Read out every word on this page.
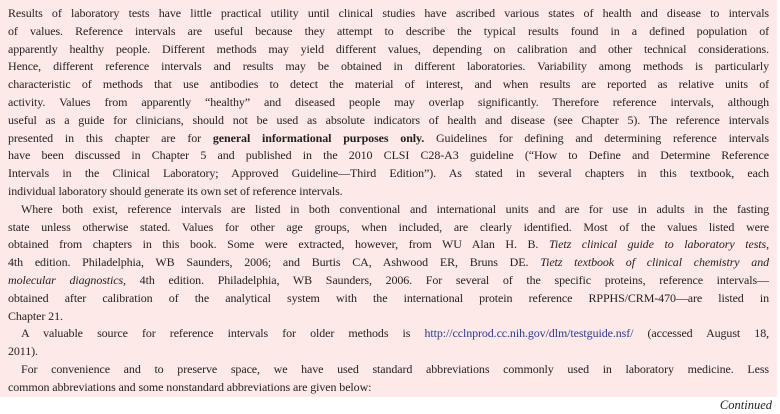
Results of laboratory tests have little practical utility until clinical studies have ascribed various states of health and disease to intervals
of values. Reference intervals are useful because they attempt to describe the typical results found in a defined population of
apparently healthy people. Different methods may yield different values, depending on calibration and other technical considerations.
Hence, different reference intervals and results may be obtained in different laboratories. Variability among methods is particularly
characteristic of methods that use antibodies to detect the material of interest, and when results are reported as relative units of
activity. Values from apparently “healthy” and diseased people may overlap significantly. Therefore reference intervals, although
useful as a guide for clinicians, should not be used as absolute indicators of health and disease (see Chapter 5). The reference intervals
presented in this chapter are for general informational purposes only. Guidelines for defining and determining reference intervals
have been discussed in Chapter 5 and published in the 2010 CLSI C28-A3 guideline (“How to Define and Determine Reference
Intervals in the Clinical Laboratory; Approved Guideline—Third Edition”). As stated in several chapters in this textbook, each
individual laboratory should generate its own set of reference intervals.
Where both exist, reference intervals are listed in both conventional and international units and are for use in adults in the fasting
state unless otherwise stated. Values for other age groups, when included, are clearly identified. Most of the values listed were
obtained from chapters in this book. Some were extracted, however, from WU Alan H. B. Tietz clinical guide to laboratory tests,
4th edition. Philadelphia, WB Saunders, 2006; and Burtis CA, Ashwood ER, Bruns DE. Tietz textbook of clinical chemistry and
molecular diagnostics, 4th edition. Philadelphia, WB Saunders, 2006. For several of the specific proteins, reference intervals—
obtained after calibration of the analytical system with the international protein reference RPPHS/CRM-470—are listed in
Chapter 21.
A valuable source for reference intervals for older methods is http://cclnprod.cc.nih.gov/dlm/testguide.nsf/ (accessed August 18,
2011).
For convenience and to preserve space, we have used standard abbreviations commonly used in laboratory medicine. Less
common abbreviations and some nonstandard abbreviations are given below:
Continued
